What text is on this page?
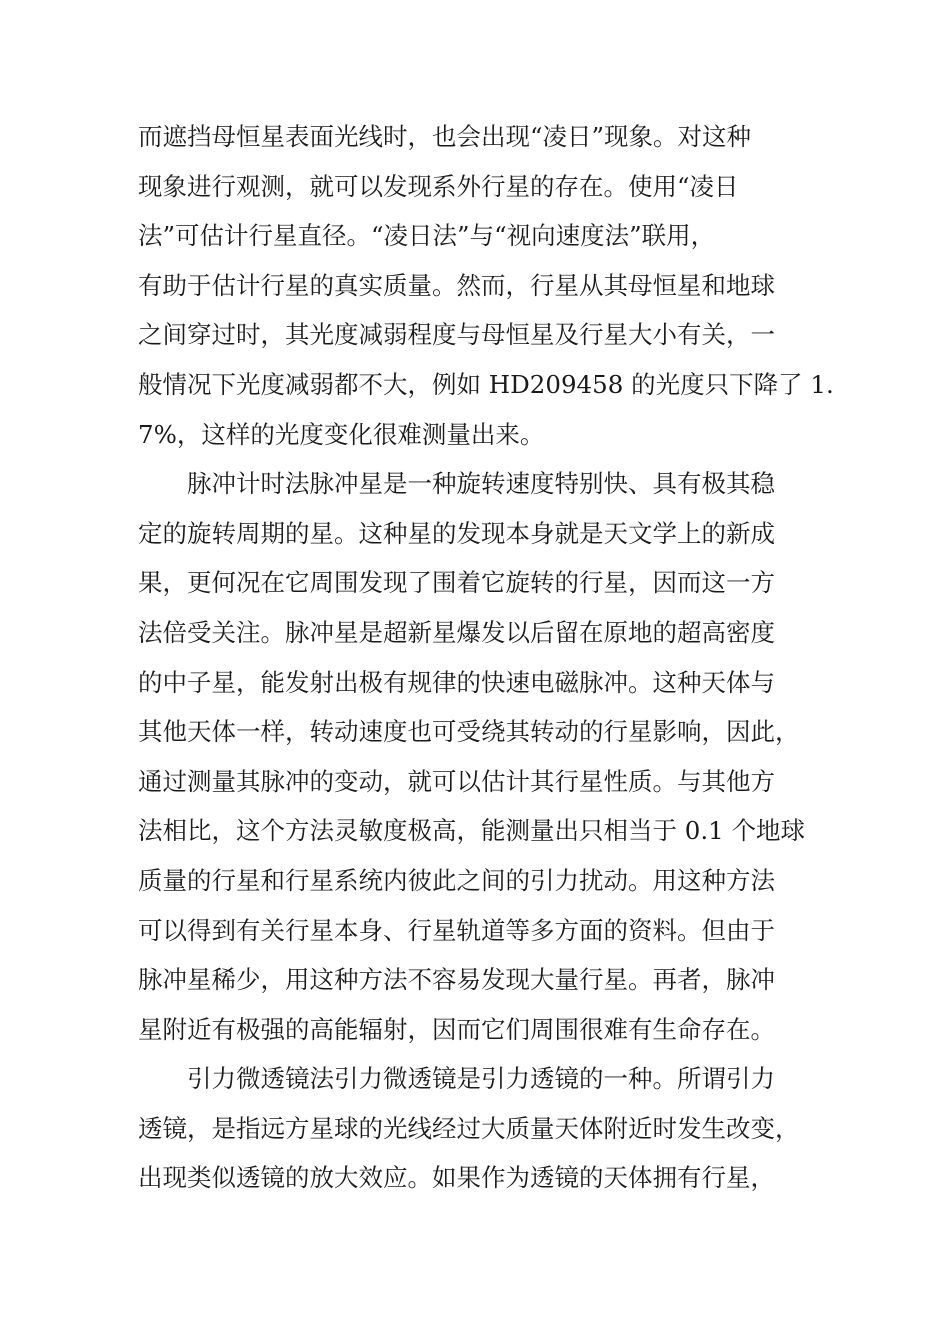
而遮挡母恒星表面光线时，也会出现“凌日”现象。对这种
现象进行观测，就可以发现系外行星的存在。使用“凌日
法”可估计行星直径。“凌日法”与“视向速度法”联用，
有助于估计行星的真实质量。然而，行星从其母恒星和地球
之间穿过时，其光度减弱程度与母恒星及行星大小有关，一
般情况下光度减弱都不大，例如 HD209458 的光度只下降了 1.
7%，这样的光度变化很难测量出来。
脉冲计时法脉冲星是一种旋转速度特别快、具有极其稳
定的旋转周期的星。这种星的发现本身就是天文学上的新成
果，更何况在它周围发现了围着它旋转的行星，因而这一方
法倍受关注。脉冲星是超新星爆发以后留在原地的超高密度
的中子星，能发射出极有规律的快速电磁脉冲。这种天体与
其他天体一样，转动速度也可受绕其转动的行星影响，因此，
通过测量其脉冲的变动，就可以估计其行星性质。与其他方
法相比，这个方法灵敏度极高，能测量出只相当于 0.1 个地球
质量的行星和行星系统内彼此之间的引力扰动。用这种方法
可以得到有关行星本身、行星轨道等多方面的资料。但由于
脉冲星稀少，用这种方法不容易发现大量行星。再者，脉冲
星附近有极强的高能辐射，因而它们周围很难有生命存在。
引力微透镜法引力微透镜是引力透镜的一种。所谓引力
透镜，是指远方星球的光线经过大质量天体附近时发生改变，
出现类似透镜的放大效应。如果作为透镜的天体拥有行星，
